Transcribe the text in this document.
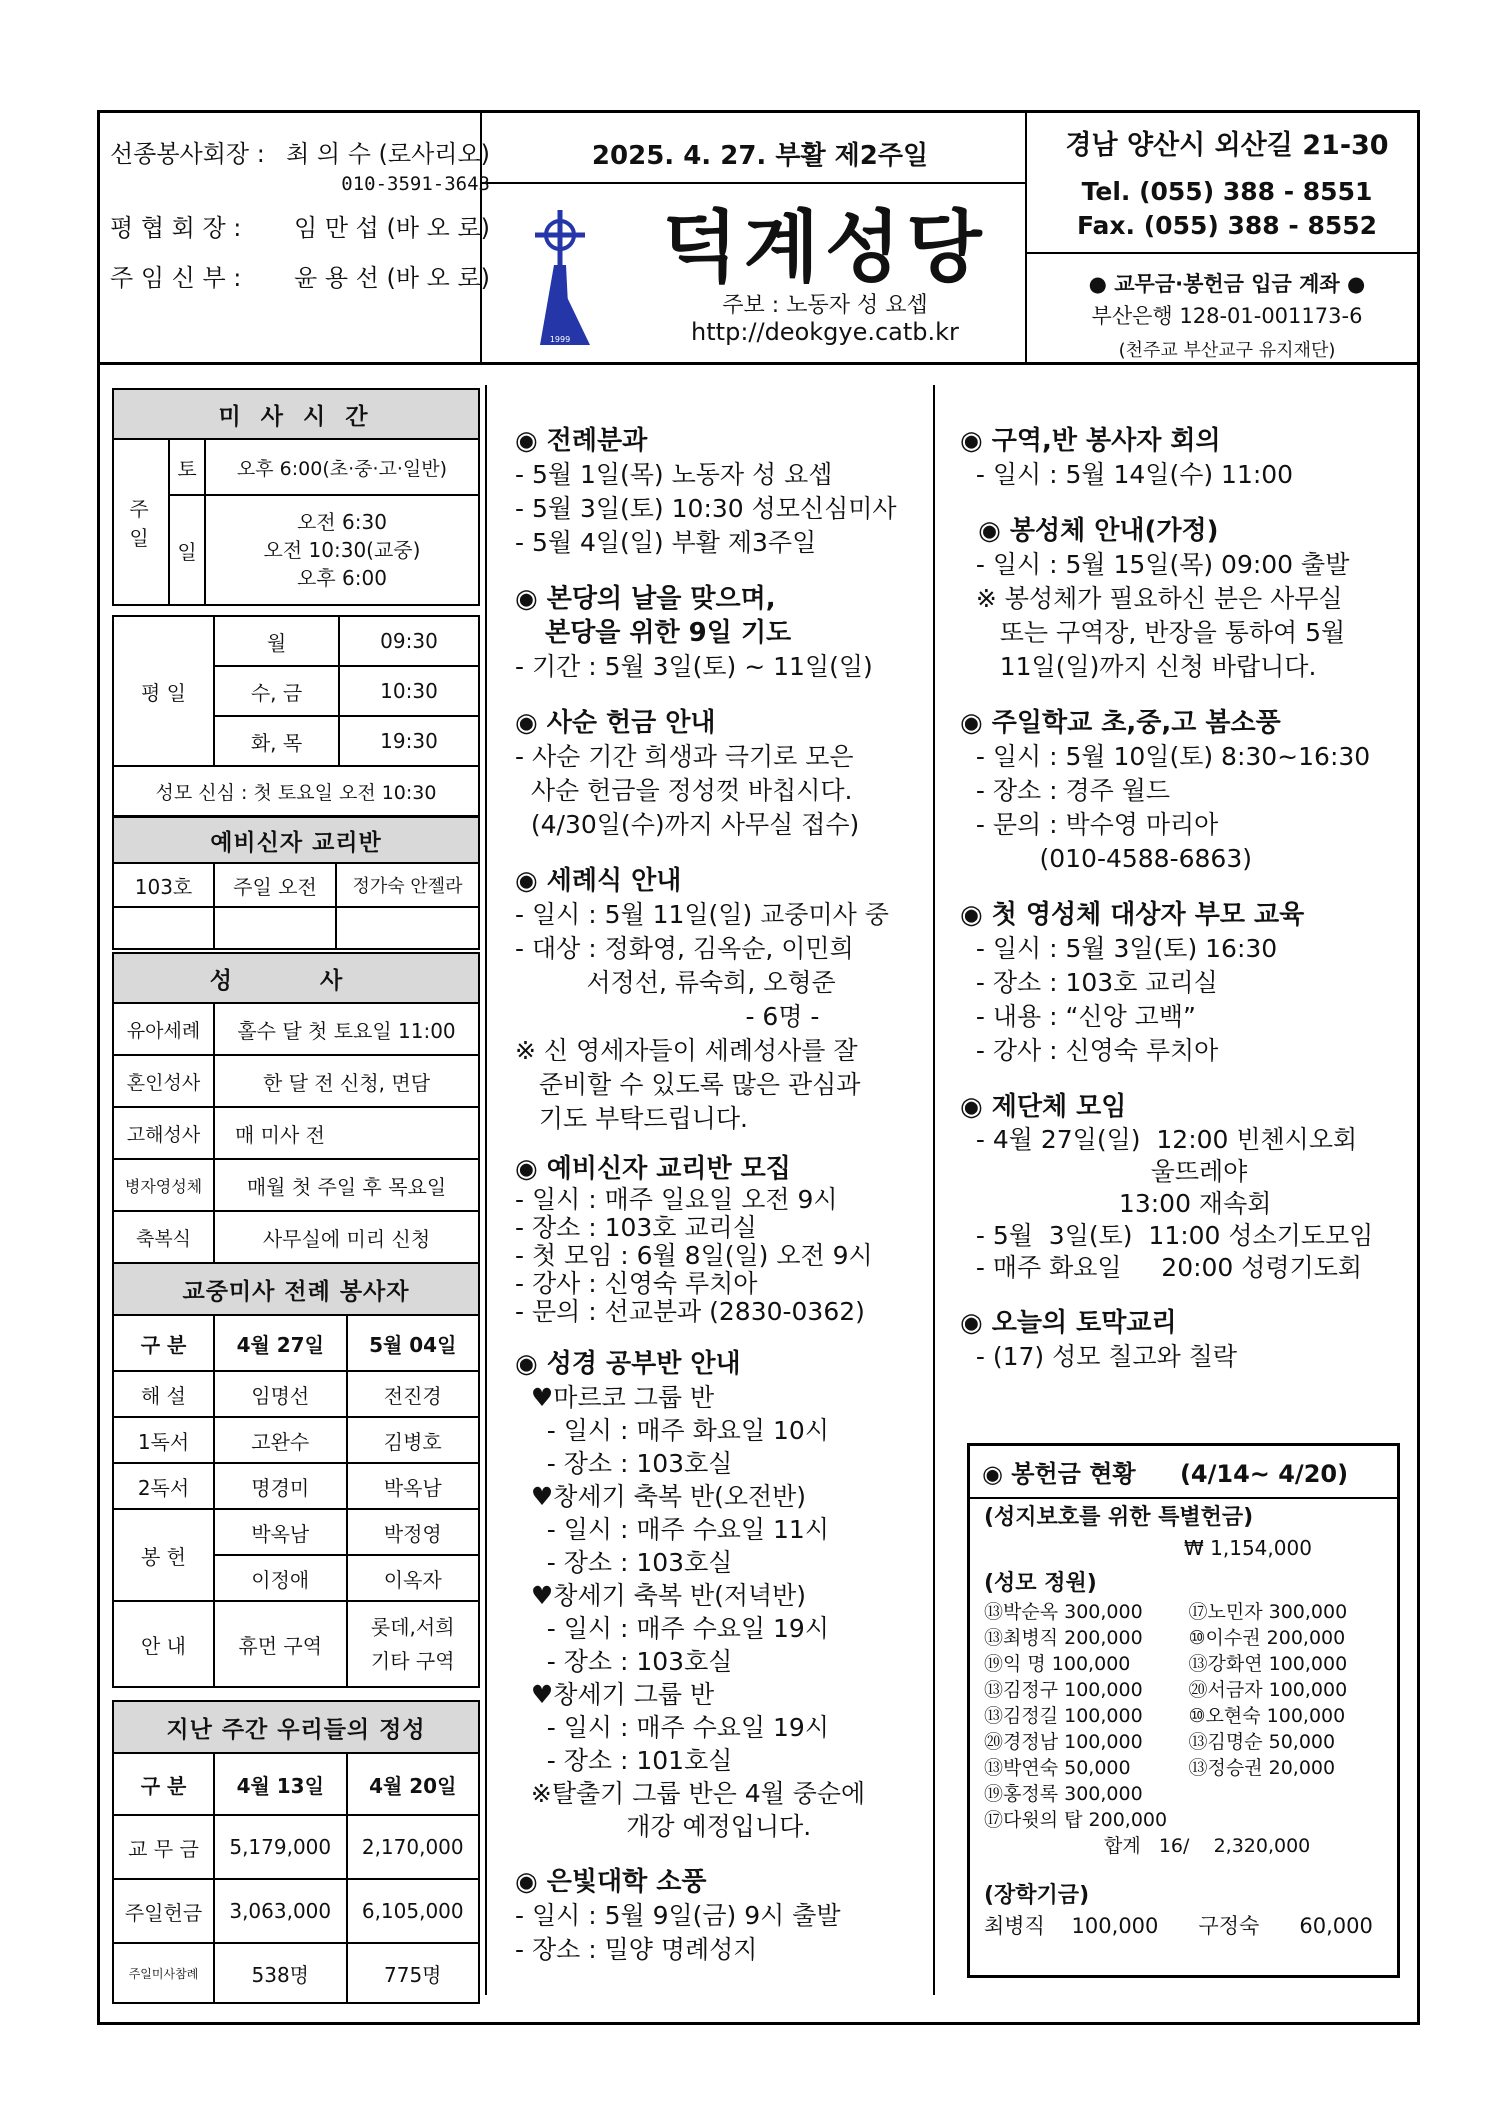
선종봉사회장 : 최 의 수 (로사리오)
010-3591-3643
평 협 회 장 : 임 만 섭 (바 오 로)
주 임 신 부 : 윤 용 선 (바 오 로)
2025. 4. 27. 부활 제2주일
1999
덕계성당
주보 : 노동자 성 요셉
http://deokgye.catb.kr
경남 양산시 외산길 21-30
Tel. (055) 388 - 8551
Fax. (055) 388 - 8552
● 교무금·봉헌금 입금 계좌 ●
부산은행 128-01-001173-6
(천주교 부산교구 유지재단)
미 사 시 간		
주 일	토	오후 6:00(초·중·고·일반)
	일	오전 6:30
오전 10:30(교중)
오후 6:00
평 일	월	09:30
	수, 금	10:30
	화, 목	19:30
성모 신심 : 첫 토요일 오전 10:30		
예비신자 교리반		
103호	주일 오전	정가숙 안젤라

성 사	
유아세례	홀수 달 첫 토요일 11:00
혼인성사	한 달 전 신청, 면담
고해성사	매 미사 전
병자영성체	매월 첫 주일 후 목요일
축복식	사무실에 미리 신청
교중미사 전례 봉사자		
구 분	4월 27일	5월 04일
해 설	임명선	전진경
1독서	고완수	김병호
2독서	명경미	박옥남
봉 헌	박옥남	박정영
	이정애	이옥자
안 내	휴먼 구역	롯데,서희
기타 구역
지난 주간 우리들의 정성		
구 분	4월 13일	4월 20일
교 무 금	5,179,000	2,170,000
주일헌금	3,063,000	6,105,000
주일미사참례	538명	775명
◉ 전례분과
- 5월 1일(목) 노동자 성 요셉
- 5월 3일(토) 10:30 성모신심미사
- 5월 4일(일) 부활 제3주일
◉ 본당의 날을 맞으며,
본당을 위한 9일 기도
- 기간 : 5월 3일(토) ~ 11일(일)
◉ 사순 헌금 안내
- 사순 기간 희생과 극기로 모은
사순 헌금을 정성껏 바칩시다.
(4/30일(수)까지 사무실 접수)
◉ 세례식 안내
- 일시 : 5월 11일(일) 교중미사 중
- 대상 : 정화영, 김옥순, 이민희
서정선, 류숙희, 오형준
- 6명 -
※ 신 영세자들이 세례성사를 잘
준비할 수 있도록 많은 관심과
기도 부탁드립니다.
◉ 예비신자 교리반 모집
- 일시 : 매주 일요일 오전 9시
- 장소 : 103호 교리실
- 첫 모임 : 6월 8일(일) 오전 9시
- 강사 : 신영숙 루치아
- 문의 : 선교분과 (2830-0362)
◉ 성경 공부반 안내
♥마르코 그룹 반
- 일시 : 매주 화요일 10시
- 장소 : 103호실
♥창세기 축복 반(오전반)
- 일시 : 매주 수요일 11시
- 장소 : 103호실
♥창세기 축복 반(저녁반)
- 일시 : 매주 수요일 19시
- 장소 : 103호실
♥창세기 그룹 반
- 일시 : 매주 수요일 19시
- 장소 : 101호실
※탈출기 그룹 반은 4월 중순에
개강 예정입니다.
◉ 은빛대학 소풍
- 일시 : 5월 9일(금) 9시 출발
- 장소 : 밀양 명례성지
◉ 구역,반 봉사자 회의
- 일시 : 5월 14일(수) 11:00
◉ 봉성체 안내(가정)
- 일시 : 5월 15일(목) 09:00 출발
※ 봉성체가 필요하신 분은 사무실
또는 구역장, 반장을 통하여 5월
11일(일)까지 신청 바랍니다.
◉ 주일학교 초,중,고 봄소풍
- 일시 : 5월 10일(토) 8:30~16:30
- 장소 : 경주 월드
- 문의 : 박수영 마리아
(010-4588-6863)
◉ 첫 영성체 대상자 부모 교육
- 일시 : 5월 3일(토) 16:30
- 장소 : 103호 교리실
- 내용 : “신앙 고백”
- 강사 : 신영숙 루치아
◉ 제단체 모임
- 4월 27일(일)  12:00 빈첸시오회
울뜨레야
13:00 재속회
- 5월  3일(토)  11:00 성소기도모임
- 매주 화요일     20:00 성령기도회
◉ 오늘의 토막교리
- (17) 성모 칠고와 칠락
◉ 봉헌금 현황 (4/14~ 4/20)
(성지보호를 위한 특별헌금)
₩ 1,154,000
(성모 정원)
⑬박순옥 300,000	⑰노민자 300,000
⑬최병직 200,000	⑩이수권 200,000
⑲익 명 100,000	⑬강화연 100,000
⑬김정구 100,000	⑳서금자 100,000
⑬김정길 100,000	⑩오현숙 100,000
⑳경정남 100,000	⑬김명순 50,000
⑬박연숙 50,000	⑬정승권 20,000
⑲홍정록 300,000
⑰다윗의 탑 200,000
합계   16/    2,320,000
(장학기금)
최병직    100,000      구정숙      60,000
